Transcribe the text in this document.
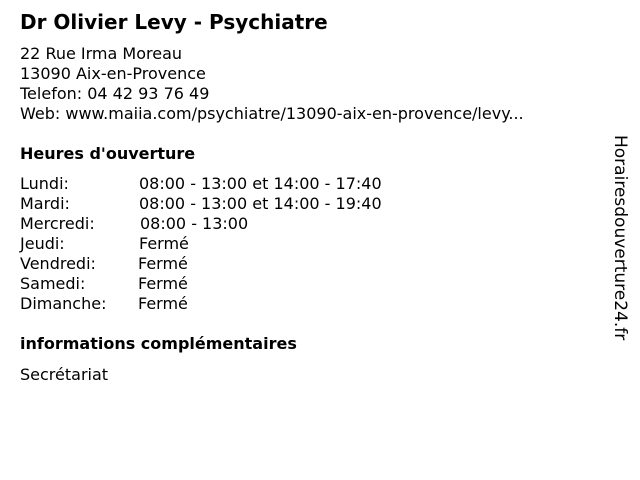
Dr Olivier Levy - Psychiatre
22 Rue Irma Moreau
13090 Aix-en-Provence
Telefon: 04 42 93 76 49
Web: www.maiia.com/psychiatre/13090-aix-en-provence/levy...
Heures d'ouverture
Lundi:	08:00 - 13:00 et 14:00 - 17:40
Mardi:	08:00 - 13:00 et 14:00 - 19:40
Mercredi:	08:00 - 13:00
Jeudi:	Fermé
Vendredi:	Fermé
Samedi:	Fermé
Dimanche: Fermé
informations complémentaires
Secrétariat
Horairesdouverture24.fr
